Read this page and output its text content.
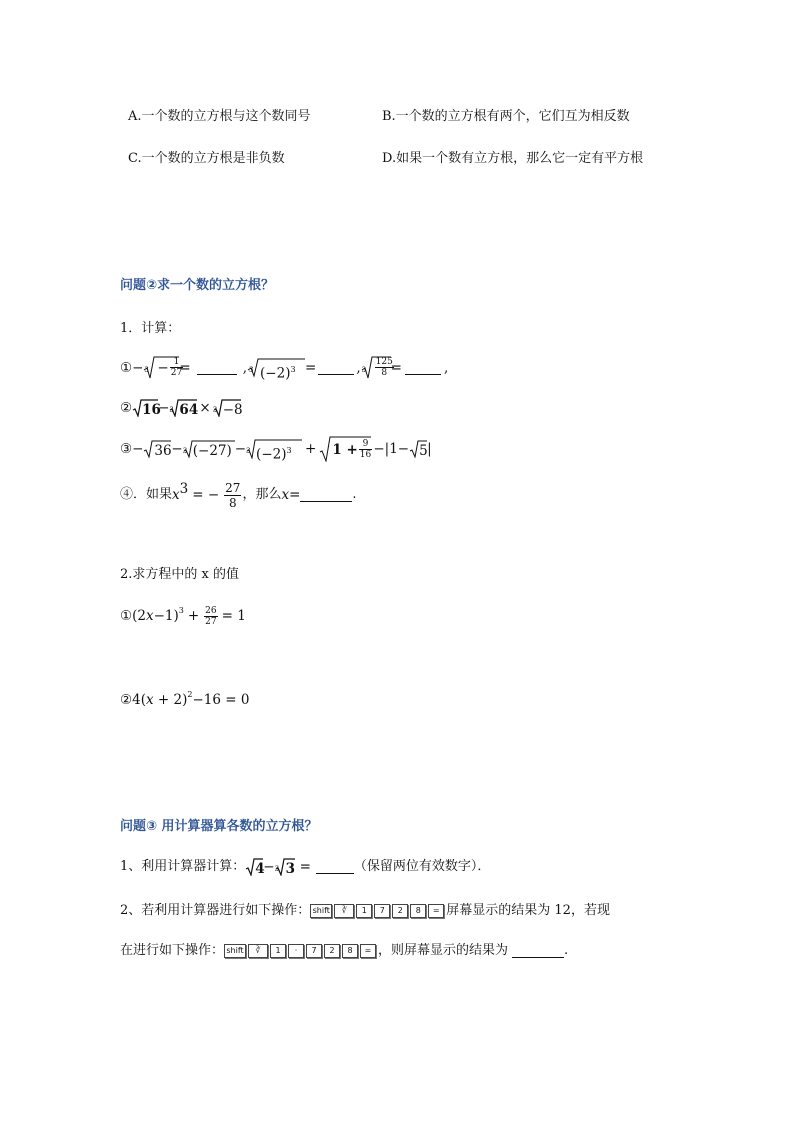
A.一个数的立方根与这个数同号	B.一个数的立方根有两个，它们互为相反数
C.一个数的立方根是非负数	D.如果一个数有立方根，那么它一定有平方根
问题②求一个数的立方根？
1．计算：
① − $3 - \frac{1}{27}$
=	, 3 $(-2)^3$ =	, $3 \frac{125}{8}$
=	,
② 16
− 3 64 × 3 −8
③ − 36 − 3 (−27) − 3 $(-2)^3 + 1 + \frac{9}{16} -|1- 5$ |
④．如果 $x^3$ = − $\frac{27}{8}$ ，那么 x =	.
2.求方程中的 x 的值
① $(2x-1)^3 + \frac{26}{27} = 1$
② $4(x + 2)^2 -16 = 0$
问题③ 用计算器算各数的立方根？
1、利用计算器计算： 4
− 3 3 =	（保留两位有效数字）．
2、若利用计算器进行如下操作： shift	∛	1	7	2	8	= 屏幕显示的结果为 12，若现
在进行如下操作： shift	∛	1	·	7	2	8	= ，则屏幕显示的结果为	.
